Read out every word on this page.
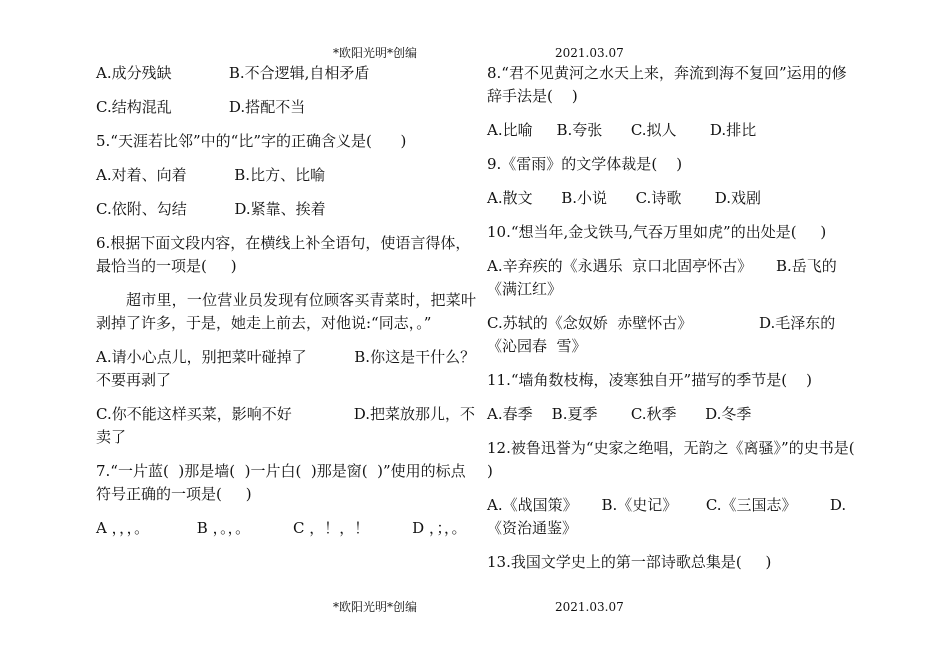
*欧阳光明*创编	2021.03.07

A.成分残缺            B.不合逻辑,自相矛盾

C.结构混乱            D.搭配不当

5.“天涯若比邻”中的“比”字的正确含义是(      )

A.对着、向着          B.比方、比喻

C.依附、勾结          D.紧靠、挨着

6.根据下面文段内容，在横线上补全语句，使语言得体，最恰当的一项是(     )

超市里，一位营业员发现有位顾客买青菜时，把菜叶剥掉了许多，于是，她走上前去，对他说:“同志，。”

A.请小心点儿，别把菜叶碰掉了          B.你这是干什么？不要再剥了

C.你不能这样买菜，影响不好             D.把菜放那儿，不卖了

7.“一片蓝(  )那是墙(  )一片白(  )那是窗(  )”使用的标点符号正确的一项是(     )

A ，，，。          B ，。，。         C ，！，！         D ，；，。

8.“君不见黄河之水天上来，奔流到海不复回”运用的修辞手法是(    )

A.比喻     B.夸张      C.拟人       D.排比

9.《雷雨》的文学体裁是(    )

A.散文      B.小说      C.诗歌       D.戏剧

10.“想当年,金戈铁马,气吞万里如虎”的出处是(     )

A.辛弃疾的《永遇乐  京口北固亭怀古》     B.岳飞的《满江红》

C.苏轼的《念奴娇  赤壁怀古》              D.毛泽东的《沁园春  雪》

11.“墙角数枝梅，凌寒独自开”描写的季节是(    )

A.春季    B.夏季       C.秋季      D.冬季

12.被鲁迅誉为“史家之绝唱，无韵之《离骚》”的史书是(       )

A.《战国策》     B.《史记》      C.《三国志》       D.《资治通鉴》

13.我国文学史上的第一部诗歌总集是(     )

*欧阳光明*创编	2021.03.07
